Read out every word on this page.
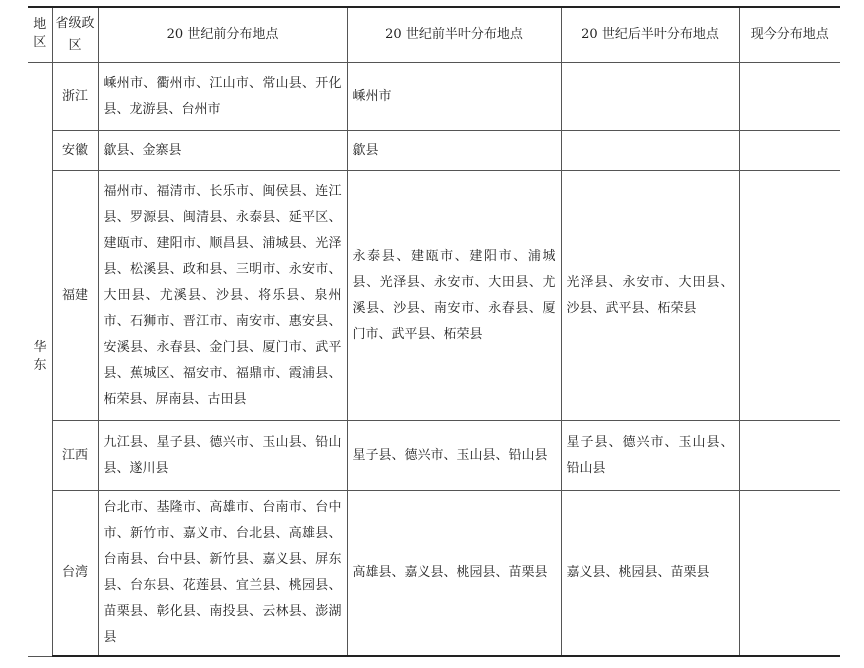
地区	省级政区	20 世纪前分布地点	20 世纪前半叶分布地点	20 世纪后半叶分布地点	现今分布地点
华东	浙江	嵊州市、衢州市、江山市、常山县、开化县、龙游县、台州市	嵊州市		
	安徽	歙县、金寨县	歙县		
	福建	福州市、福清市、长乐市、闽侯县、连江县、罗源县、闽清县、永泰县、延平区、建瓯市、建阳市、顺昌县、浦城县、光泽县、松溪县、政和县、三明市、永安市、大田县、尤溪县、沙县、将乐县、泉州市、石狮市、晋江市、南安市、惠安县、安溪县、永春县、金门县、厦门市、武平县、蕉城区、福安市、福鼎市、霞浦县、柘荣县、屏南县、古田县	永泰县、建瓯市、建阳市、浦城县、光泽县、永安市、大田县、尤溪县、沙县、南安市、永春县、厦门市、武平县、柘荣县	光泽县、永安市、大田县、沙县、武平县、柘荣县	
	江西	九江县、星子县、德兴市、玉山县、铅山县、遂川县	星子县、德兴市、玉山县、铅山县	星子县、德兴市、玉山县、铅山县	
	台湾	台北市、基隆市、高雄市、台南市、台中市、新竹市、嘉义市、台北县、高雄县、台南县、台中县、新竹县、嘉义县、屏东县、台东县、花莲县、宜兰县、桃园县、苗栗县、彰化县、南投县、云林县、澎湖县	高雄县、嘉义县、桃园县、苗栗县	嘉义县、桃园县、苗栗县	
